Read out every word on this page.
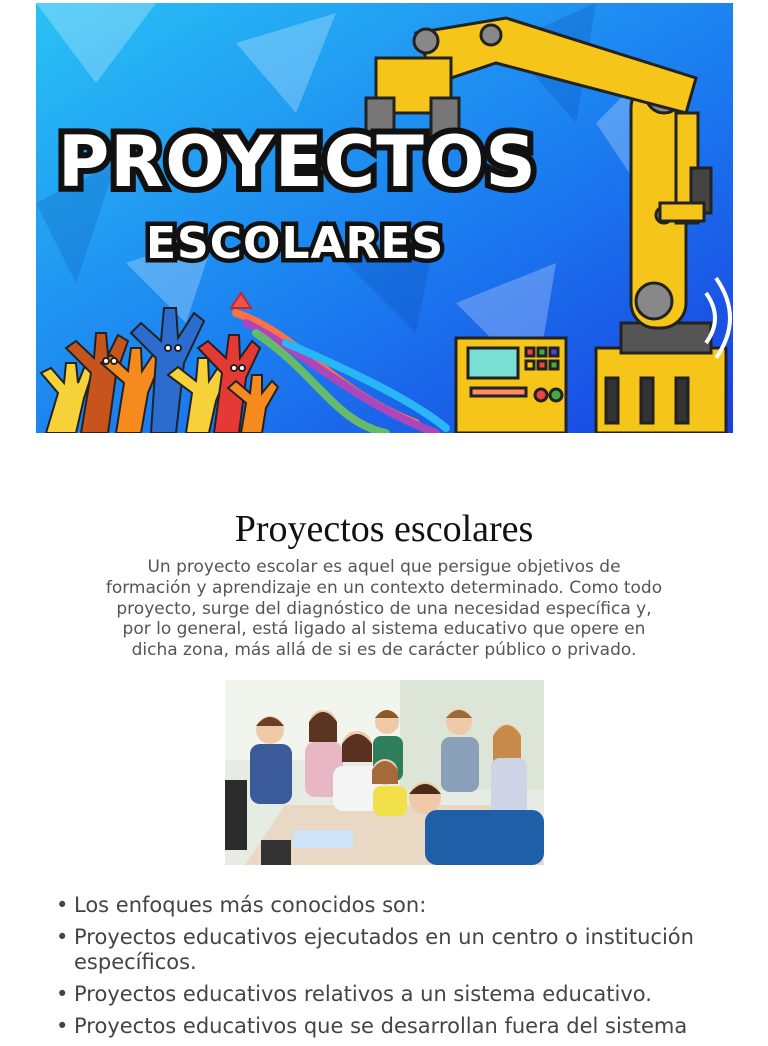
PROYECTOS
ESCOLARES
Proyectos escolares

Un proyecto escolar es aquel que persigue objetivos de formación y aprendizaje en un contexto determinado. Como todo proyecto, surge del diagnóstico de una necesidad específica y, por lo general, está ligado al sistema educativo que opere en dicha zona, más allá de si es de carácter público o privado.

• Los enfoques más conocidos son:
• Proyectos educativos ejecutados en un centro o institución específicos.
• Proyectos educativos relativos a un sistema educativo.
• Proyectos educativos que se desarrollan fuera del sistema
